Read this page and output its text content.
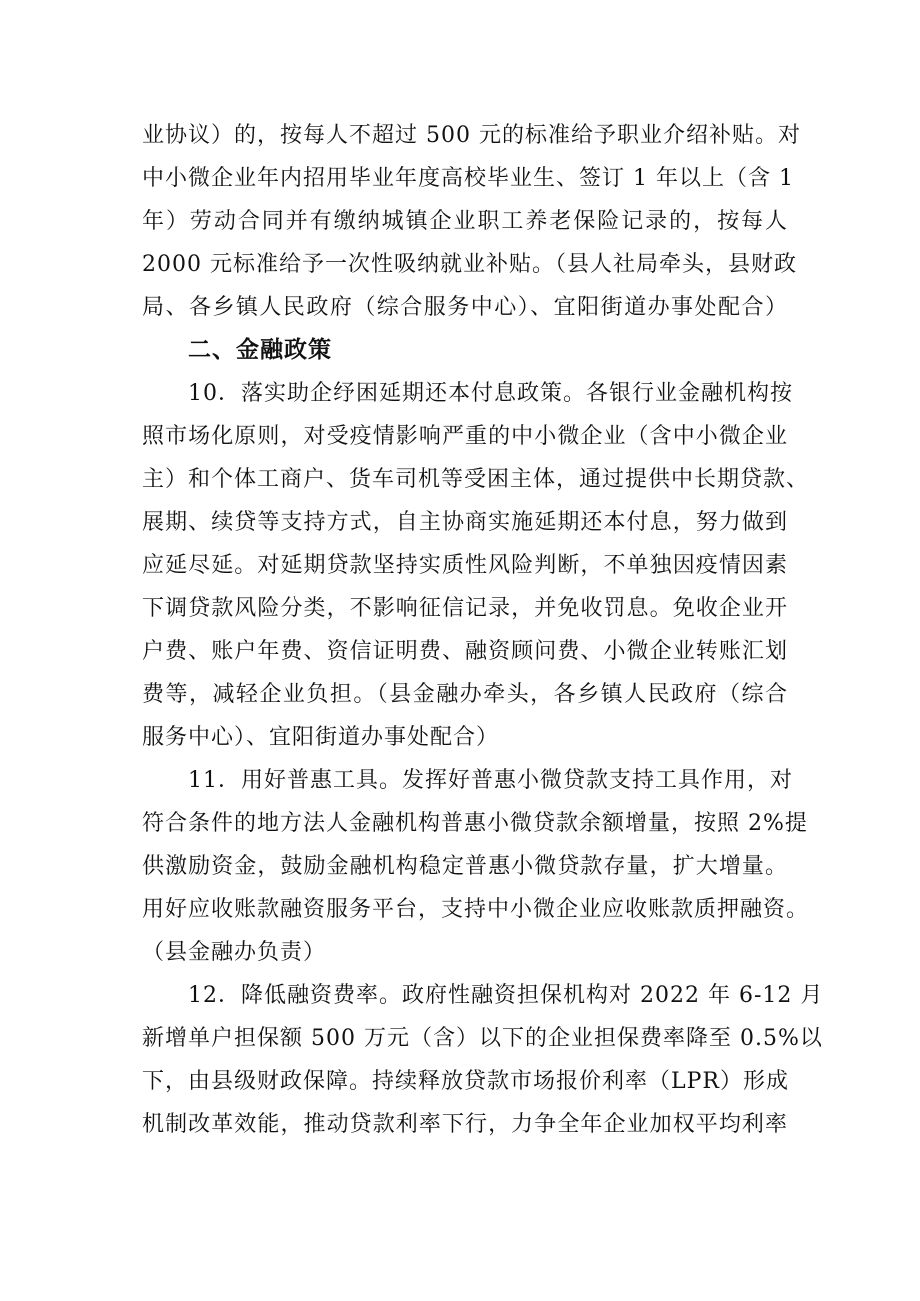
业协议）的，按每人不超过 500 元的标准给予职业介绍补贴。对
中小微企业年内招用毕业年度高校毕业生、签订 1 年以上（含 1
年）劳动合同并有缴纳城镇企业职工养老保险记录的，按每人
2000 元标准给予一次性吸纳就业补贴。（县人社局牵头，县财政
局、各乡镇人民政府（综合服务中心）、宜阳街道办事处配合）
二、金融政策
10．落实助企纾困延期还本付息政策。各银行业金融机构按
照市场化原则，对受疫情影响严重的中小微企业（含中小微企业
主）和个体工商户、货车司机等受困主体，通过提供中长期贷款、
展期、续贷等支持方式，自主协商实施延期还本付息，努力做到
应延尽延。对延期贷款坚持实质性风险判断，不单独因疫情因素
下调贷款风险分类，不影响征信记录，并免收罚息。免收企业开
户费、账户年费、资信证明费、融资顾问费、小微企业转账汇划
费等，减轻企业负担。（县金融办牵头，各乡镇人民政府（综合
服务中心）、宜阳街道办事处配合）
11．用好普惠工具。发挥好普惠小微贷款支持工具作用，对
符合条件的地方法人金融机构普惠小微贷款余额增量，按照 2%提
供激励资金，鼓励金融机构稳定普惠小微贷款存量，扩大增量。
用好应收账款融资服务平台，支持中小微企业应收账款质押融资。
（县金融办负责）
12．降低融资费率。政府性融资担保机构对 2022 年 6-12 月
新增单户担保额 500 万元（含）以下的企业担保费率降至 0.5%以
下，由县级财政保障。持续释放贷款市场报价利率（LPR）形成
机制改革效能，推动贷款利率下行，力争全年企业加权平均利率
